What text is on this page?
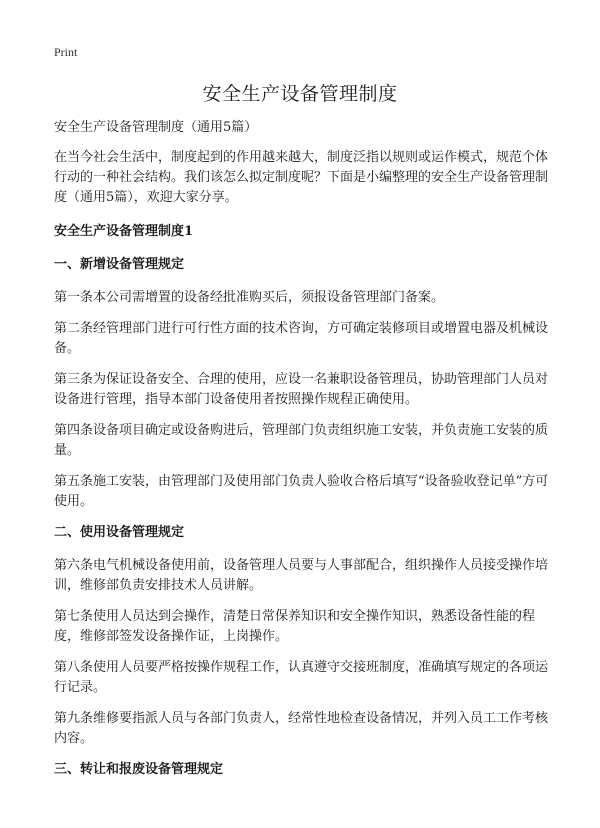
Print
安全生产设备管理制度

安全生产设备管理制度（通用5篇）

在当今社会生活中，制度起到的作用越来越大，制度泛指以规则或运作模式，规范个体行动的一种社会结构。我们该怎么拟定制度呢？下面是小编整理的安全生产设备管理制度（通用5篇），欢迎大家分享。

安全生产设备管理制度1
一、新增设备管理规定

第一条本公司需增置的设备经批准购买后，须报设备管理部门备案。

第二条经管理部门进行可行性方面的技术咨询，方可确定装修项目或增置电器及机械设备。

第三条为保证设备安全、合理的使用，应设一名兼职设备管理员，协助管理部门人员对设备进行管理，指导本部门设备使用者按照操作规程正确使用。

第四条设备项目确定或设备购进后，管理部门负责组织施工安装，并负责施工安装的质量。

第五条施工安装，由管理部门及使用部门负责人验收合格后填写“设备验收登记单”方可使用。

二、使用设备管理规定

第六条电气机械设备使用前，设备管理人员要与人事部配合，组织操作人员接受操作培训，维修部负责安排技术人员讲解。

第七条使用人员达到会操作，清楚日常保养知识和安全操作知识，熟悉设备性能的程度，维修部签发设备操作证，上岗操作。

第八条使用人员要严格按操作规程工作，认真遵守交接班制度，准确填写规定的各项运行记录。

第九条维修要指派人员与各部门负责人，经常性地检查设备情况，并列入员工工作考核内容。

三、转让和报废设备管理规定
